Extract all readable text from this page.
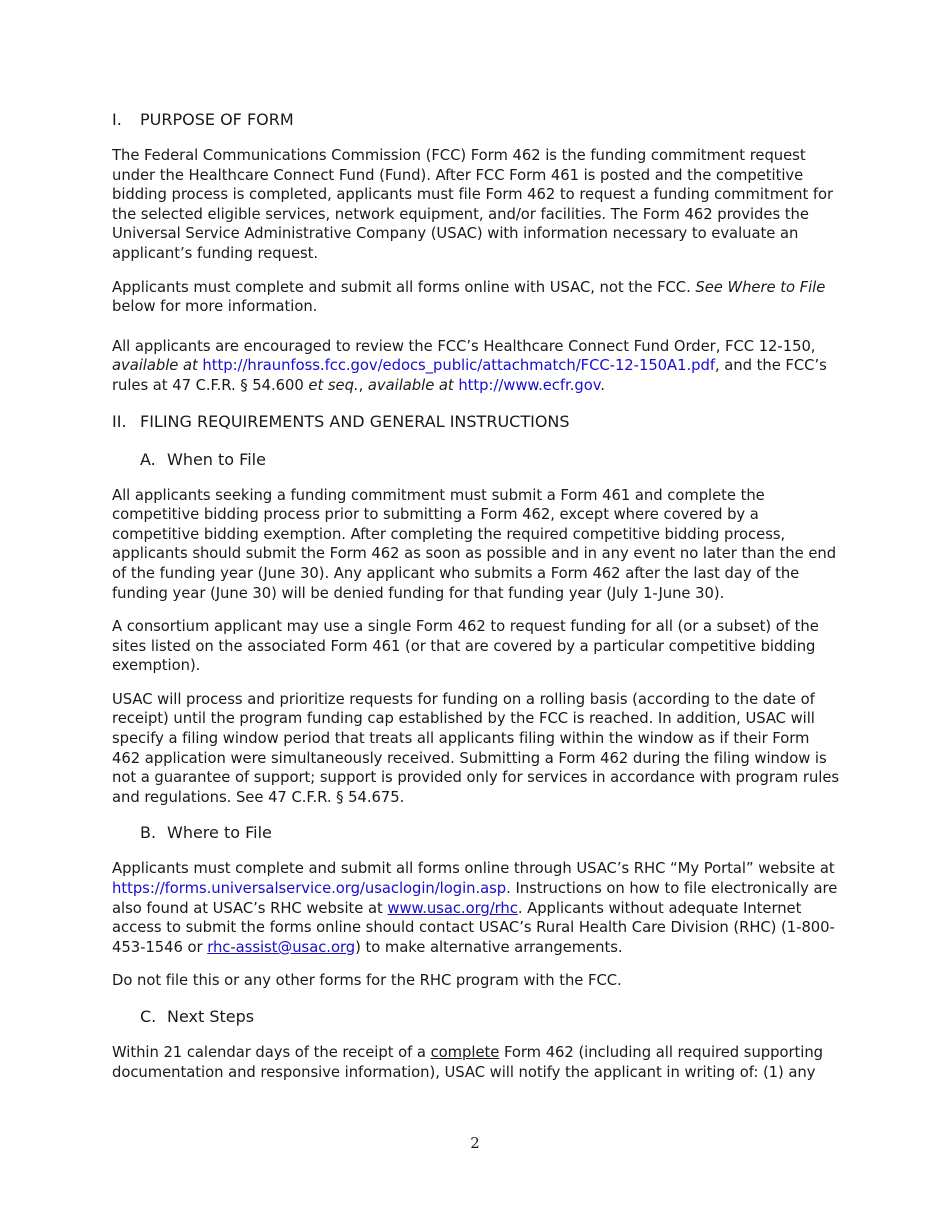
I.	PURPOSE OF FORM

The Federal Communications Commission (FCC) Form 462 is the funding commitment request under the Healthcare Connect Fund (Fund). After FCC Form 461 is posted and the competitive bidding process is completed, applicants must file Form 462 to request a funding commitment for the selected eligible services, network equipment, and/or facilities. The Form 462 provides the Universal Service Administrative Company (USAC) with information necessary to evaluate an applicant’s funding request.

Applicants must complete and submit all forms online with USAC, not the FCC. See Where to File below for more information.

All applicants are encouraged to review the FCC’s Healthcare Connect Fund Order, FCC 12-150, available at http://hraunfoss.fcc.gov/edocs_public/attachmatch/FCC-12-150A1.pdf, and the FCC’s rules at 47 C.F.R. § 54.600 et seq., available at http://www.ecfr.gov.

II. FILING REQUIREMENTS AND GENERAL INSTRUCTIONS
A. When to File

All applicants seeking a funding commitment must submit a Form 461 and complete the competitive bidding process prior to submitting a Form 462, except where covered by a competitive bidding exemption. After completing the required competitive bidding process, applicants should submit the Form 462 as soon as possible and in any event no later than the end of the funding year (June 30). Any applicant who submits a Form 462 after the last day of the funding year (June 30) will be denied funding for that funding year (July 1-June 30).

A consortium applicant may use a single Form 462 to request funding for all (or a subset) of the sites listed on the associated Form 461 (or that are covered by a particular competitive bidding exemption).

USAC will process and prioritize requests for funding on a rolling basis (according to the date of receipt) until the program funding cap established by the FCC is reached. In addition, USAC will specify a filing window period that treats all applicants filing within the window as if their Form 462 application were simultaneously received. Submitting a Form 462 during the filing window is not a guarantee of support; support is provided only for services in accordance with program rules and regulations. See 47 C.F.R. § 54.675.

B. Where to File

Applicants must complete and submit all forms online through USAC’s RHC “My Portal” website at https://forms.universalservice.org/usaclogin/login.asp. Instructions on how to file electronically are also found at USAC’s RHC website at www.usac.org/rhc. Applicants without adequate Internet access to submit the forms online should contact USAC’s Rural Health Care Division (RHC) (1-800-453-1546 or rhc-assist@usac.org) to make alternative arrangements.

Do not file this or any other forms for the RHC program with the FCC.

C. Next Steps

Within 21 calendar days of the receipt of a complete Form 462 (including all required supporting documentation and responsive information), USAC will notify the applicant in writing of: (1) any

2
